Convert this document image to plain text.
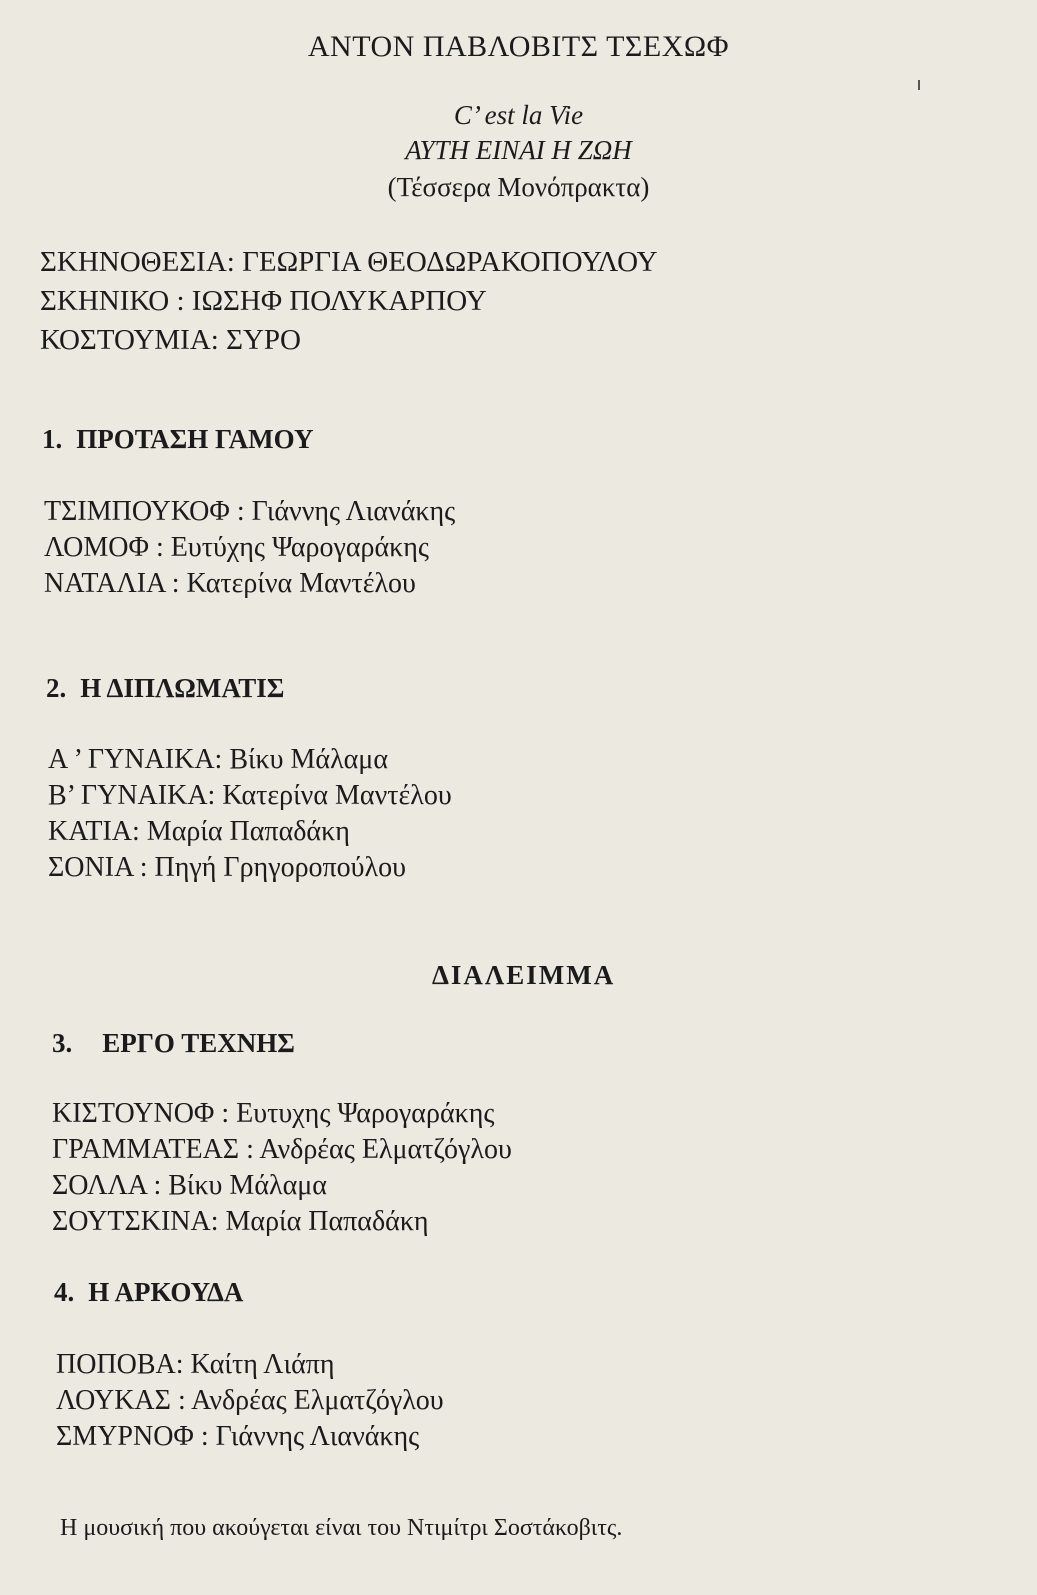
ΑΝΤΟΝ ΠΑΒΛΟΒΙΤΣ ΤΣΕΧΩΦ
C’ est la Vie
ΑΥΤΗ ΕΙΝΑΙ Η ΖΩΗ
(Τέσσερα Μονόπρακτα)
ΣΚΗΝΟΘΕΣΙΑ: ΓΕΩΡΓΙΑ ΘΕΟΔΩΡΑΚΟΠΟΥΛΟΥ
ΣΚΗΝΙΚΟ : ΙΩΣΗΦ ΠΟΛΥΚΑΡΠΟΥ
ΚΟΣΤΟΥΜΙΑ: ΣΥΡΟ
1. ΠΡΟΤΑΣΗ ΓΑΜΟΥ
ΤΣΙΜΠΟΥΚΟΦ : Γιάννης Λιανάκης
ΛΟΜΟΦ : Ευτύχης Ψαρογαράκης
ΝΑΤΑΛΙΑ : Κατερίνα Μαντέλου
2. Η ΔΙΠΛΩΜΑΤΙΣ
Α ’ ΓΥΝΑΙΚΑ: Βίκυ Μάλαμα
Β’ ΓΥΝΑΙΚΑ: Κατερίνα Μαντέλου
ΚΑΤΙΑ: Μαρία Παπαδάκη
ΣΟΝΙΑ : Πηγή Γρηγοροπούλου
ΔΙΑΛΕΙΜΜΑ
3. ΕΡΓΟ ΤΕΧΝΗΣ
ΚΙΣΤΟΥΝΟΦ : Ευτυχης Ψαρογαράκης
ΓΡΑΜΜΑΤΕΑΣ : Ανδρέας Ελματζόγλου
ΣΟΛΛΑ : Βίκυ Μάλαμα
ΣΟΥΤΣΚΙΝΑ: Μαρία Παπαδάκη
4. Η ΑΡΚΟΥΔΑ
ΠΟΠΟΒΑ: Καίτη Λιάπη
ΛΟΥΚΑΣ : Ανδρέας Ελματζόγλου
ΣΜΥΡΝΟΦ : Γιάννης Λιανάκης
Η μουσική που ακούγεται είναι του Ντιμίτρι Σοστάκοβιτς.
